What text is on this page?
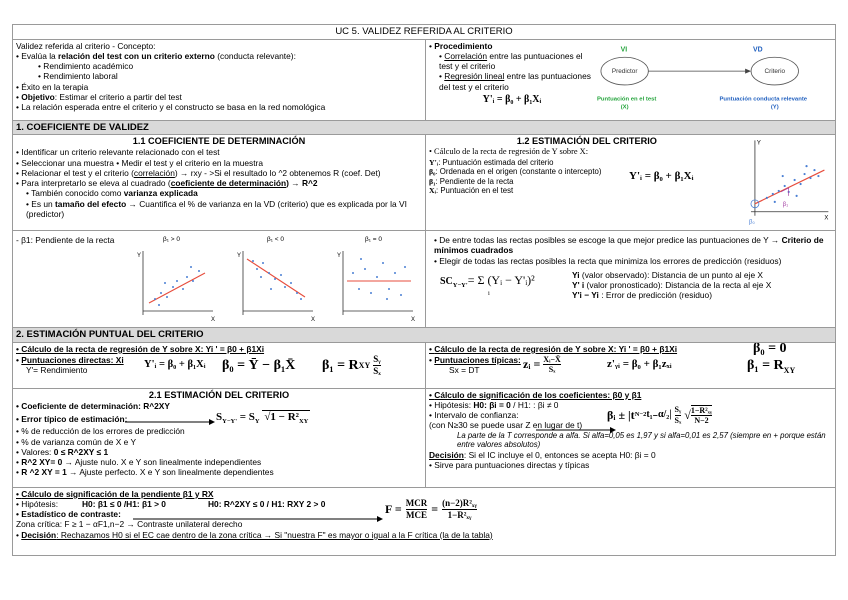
UC 5. VALIDEZ REFERIDA AL CRITERIO
Validez referida al criterio - Concepto:
• Evalúa la relación del test con un criterio externo (conducta relevante):
• Rendimiento académico
• Rendimiento laboral
• Éxito en la terapia
• Objetivo: Estimar el criterio a partir del test
• La relación esperada entre el criterio y el constructo se basa en la red nomológica
• Procedimiento
• Correlación entre las puntuaciones el test y el criterio
• Regresión lineal entre las puntuaciones del test y el criterio
Y'ᵢ = β₀ + β₁Xᵢ
VI	VD
Predictor	Criterio
Puntuación en el test
(X)
Puntuación conducta relevante
(Y)
1. COEFICIENTE DE VALIDEZ
1.1 COEFICIENTE DE DETERMINACIÓN
• Identificar un criterio relevante relacionado con el test
• Seleccionar una muestra • Medir el test y el criterio en la muestra
• Relacionar el test y el criterio (correlación) → rxy - >Si el resultado lo ^2 obtenemos R (coef. Det)
• Para interpretarlo se eleva al cuadrado (coeficiente de determinación) → R^2
• También conocido como varianza explicada
• Es un tamaño del efecto → Cuantifica el % de varianza en la VD (criterio) que es explicada por la VI (predictor)
1.2 ESTIMACIÓN DEL CRITERIO
• Cálculo de la recta de regresión de Y sobre X:
Y'ᵢ: Puntuación estimada del criterio
β₀: Ordenada en el origen (constante o intercepto)
β₁: Pendiente de la recta
Xᵢ: Puntuación en el test
Y'ᵢ = β₀ + β₁Xᵢ
Y
X
β₀
β₁
- β1: Pendiente de la recta	β₁ > 0
Y
X
β₁ < 0
Y
X
β₁ = 0
Y
X
• De entre todas las rectas posibles se escoge la que mejor predice las puntuaciones de Y → Criterio de mínimos cuadrados
• Elegir de todas las rectas posibles la recta que minimiza los errores de predicción (residuos)
$SC_{Y-Y'}= \Sigma$ (Yᵢ − Y'ᵢ)²
i
Yi (valor observado): Distancia de un punto al eje X
Y' i (valor pronosticado): Distancia de la recta al eje X
Y'i − Yi : Error de predicción (residuo)
2. ESTIMACIÓN PUNTUAL DEL CRITERIO
• Cálculo de la recta de regresión de Y sobre X: Yi ' = β0 + β1Xi
• Puntuaciones directas: Xi
Y'= Rendimiento
Y'ᵢ = β₀ + β₁Xᵢ	β₀ = Ȳ − β₁X̄	β₁ = R XY
Sᵧ
Sₓ
• Cálculo de la recta de regresión de Y sobre X: Yi ' = β0 + β1Xi
• Puntuaciones típicas:
Sx = DT	zᵢ = $\frac{\text{Xᵢ−X̄}}{\text{Sₓ}}$	z'ᵧᵢ = β₀ + β₁zₓᵢ
β₀ = 0
$\beta_1 = R_{XY}$
2.1 ESTIMACIÓN DEL CRITERIO
• Coeficiente de determinación: R^2XY
• Error típico de estimación:	$S_{Y-Y'} = S_Y$ $√1 - R^2_{XY}$
• % de reducción de los errores de predicción
• % de varianza común de X e Y
• Valores: 0 ≤ R^2XY ≤ 1
• R^2 XY= 0 → Ajuste nulo. X e Y son linealmente independientes
• R ^2 XY = 1 → Ajuste perfecto. X e Y son linealmente dependientes
• Cálculo de significación de los coeficientes: β0 y β1
• Hipótesis: H0: βi = 0 / H1: : βi ≠ 0
• Intervalo de confianza:
(con N≥30 se puede usar Z en lugar de t)
βᵢ ± |t N−2 t₁₋α/₂| Sᵧ
Sₓ √ 1−R²ₓᵧ
N−2
La parte de la T corresponde a alfa. Si alfa=0,05 es 1,97 y si alfa=0,01 es 2,57 (siempre en + porque están entre valores absolutos)
Decisión: Si el IC incluye el 0, entonces se acepta H0: βi = 0
• Sirve para puntuaciones directas y típicas
• Cálculo de significación de la pendiente β1 y RX
• Hipótesis:	H0: β1 ≤ 0 /H1: β1 > 0	H0: R^2XY ≤ 0 / H1: RXY 2 > 0
• Estadístico de contraste:
Zona crítica: F ≥ 1 − αF1,n−2 → Contraste unilateral derecho
• Decisión: Rechazamos H0 si el EC cae dentro de la zona crítica → Si "nuestra F" es mayor o igual a la F crítica (la de la tabla)
F = MCR
MCE = $\frac{\text{(n−2)R²ₓᵧ}}{\text{1−R²ₓᵧ}}$
